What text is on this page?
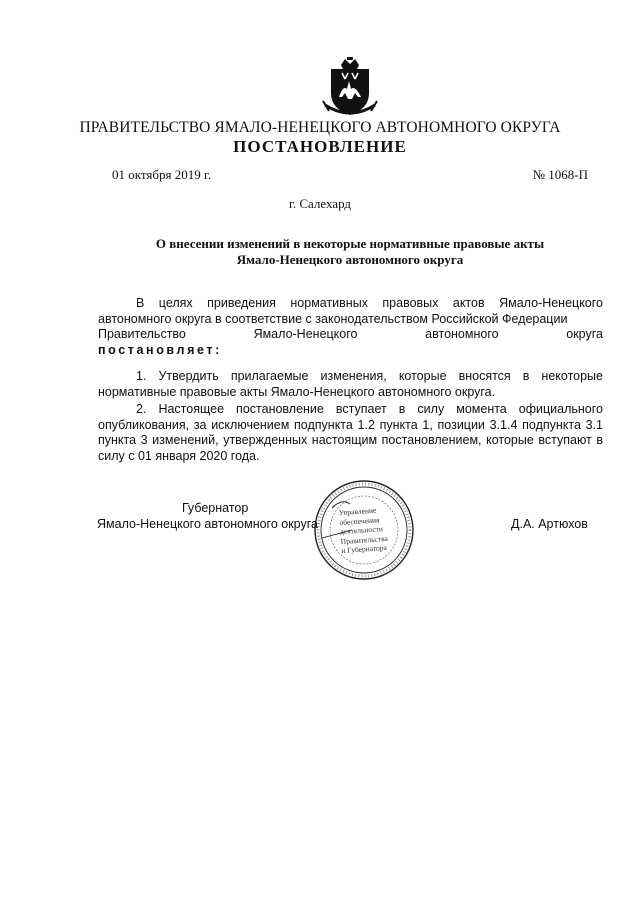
ПРАВИТЕЛЬСТВО ЯМАЛО-НЕНЕЦКОГО АВТОНОМНОГО ОКРУГА
ПОСТАНОВЛЕНИЕ
01 октября 2019 г.	№ 1068-П
г. Салехард
О внесении изменений в некоторые нормативные правовые акты
Ямало-Ненецкого автономного округа
В целях приведения нормативных правовых актов Ямало-Ненецкого автономного округа в соответствие с законодательством Российской Федерации
Правительство	Ямало-Ненецкого	автономного	округа
постановляет:
1. Утвердить прилагаемые изменения, которые вносятся в некоторые нормативные правовые акты Ямало-Ненецкого автономного округа.
2. Настоящее постановление вступает в силу момента официального опубликования, за исключением подпункта 1.2 пункта 1, позиции 3.1.4 подпункта 3.1 пункта 3 изменений, утвержденных настоящим постановлением, которые вступают в силу с 01 января 2020 года.
Губернатор
Ямало-Ненецкого автономного округа	Д.А. Артюхов
Управление
обеспечения
деятельности
Правительства
и Губернатора
